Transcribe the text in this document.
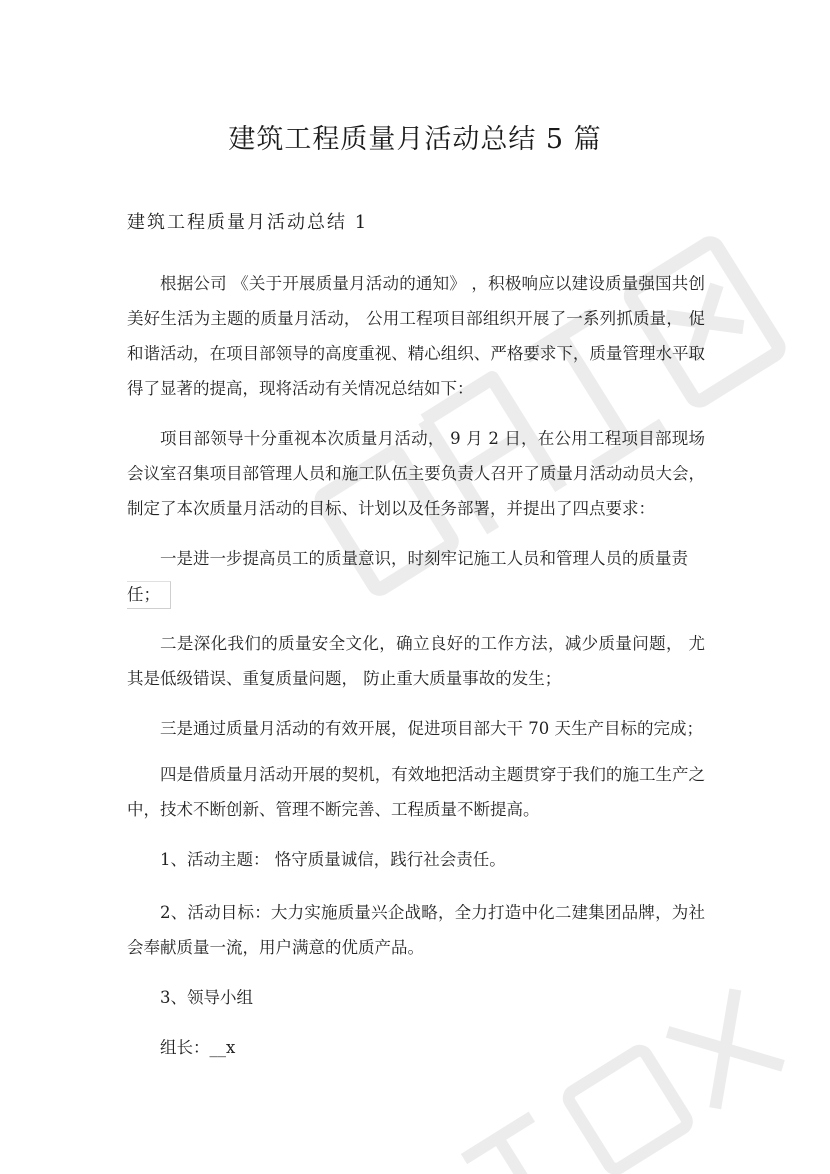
建筑工程质量月活动总结 5 篇
建筑工程质量月活动总结 1
根据公司 《关于开展质量月活动的通知》 ，积极响应以建设质量强国共创美好生活为主题的质量月活动， 公用工程项目部组织开展了一系列抓质量， 促和谐活动，在项目部领导的高度重视、精心组织、严格要求下，质量管理水平取得了显著的提高，现将活动有关情况总结如下：
项目部领导十分重视本次质量月活动， 9 月 2 日，在公用工程项目部现场会议室召集项目部管理人员和施工队伍主要负责人召开了质量月活动动员大会， 制定了本次质量月活动的目标、计划以及任务部署，并提出了四点要求：
一是进一步提高员工的质量意识，时刻牢记施工人员和管理人员的质量责
任；
二是深化我们的质量安全文化，确立良好的工作方法，减少质量问题， 尤其是低级错误、重复质量问题， 防止重大质量事故的发生；
三是通过质量月活动的有效开展，促进项目部大干 70 天生产目标的完成；
四是借质量月活动开展的契机，有效地把活动主题贯穿于我们的施工生产之中，技术不断创新、管理不断完善、工程质量不断提高。
1、活动主题： 恪守质量诚信，践行社会责任。
2、活动目标：大力实施质量兴企战略，全力打造中化二建集团品牌，为社会奉献质量一流，用户满意的优质产品。
3、领导小组
组长：__x
